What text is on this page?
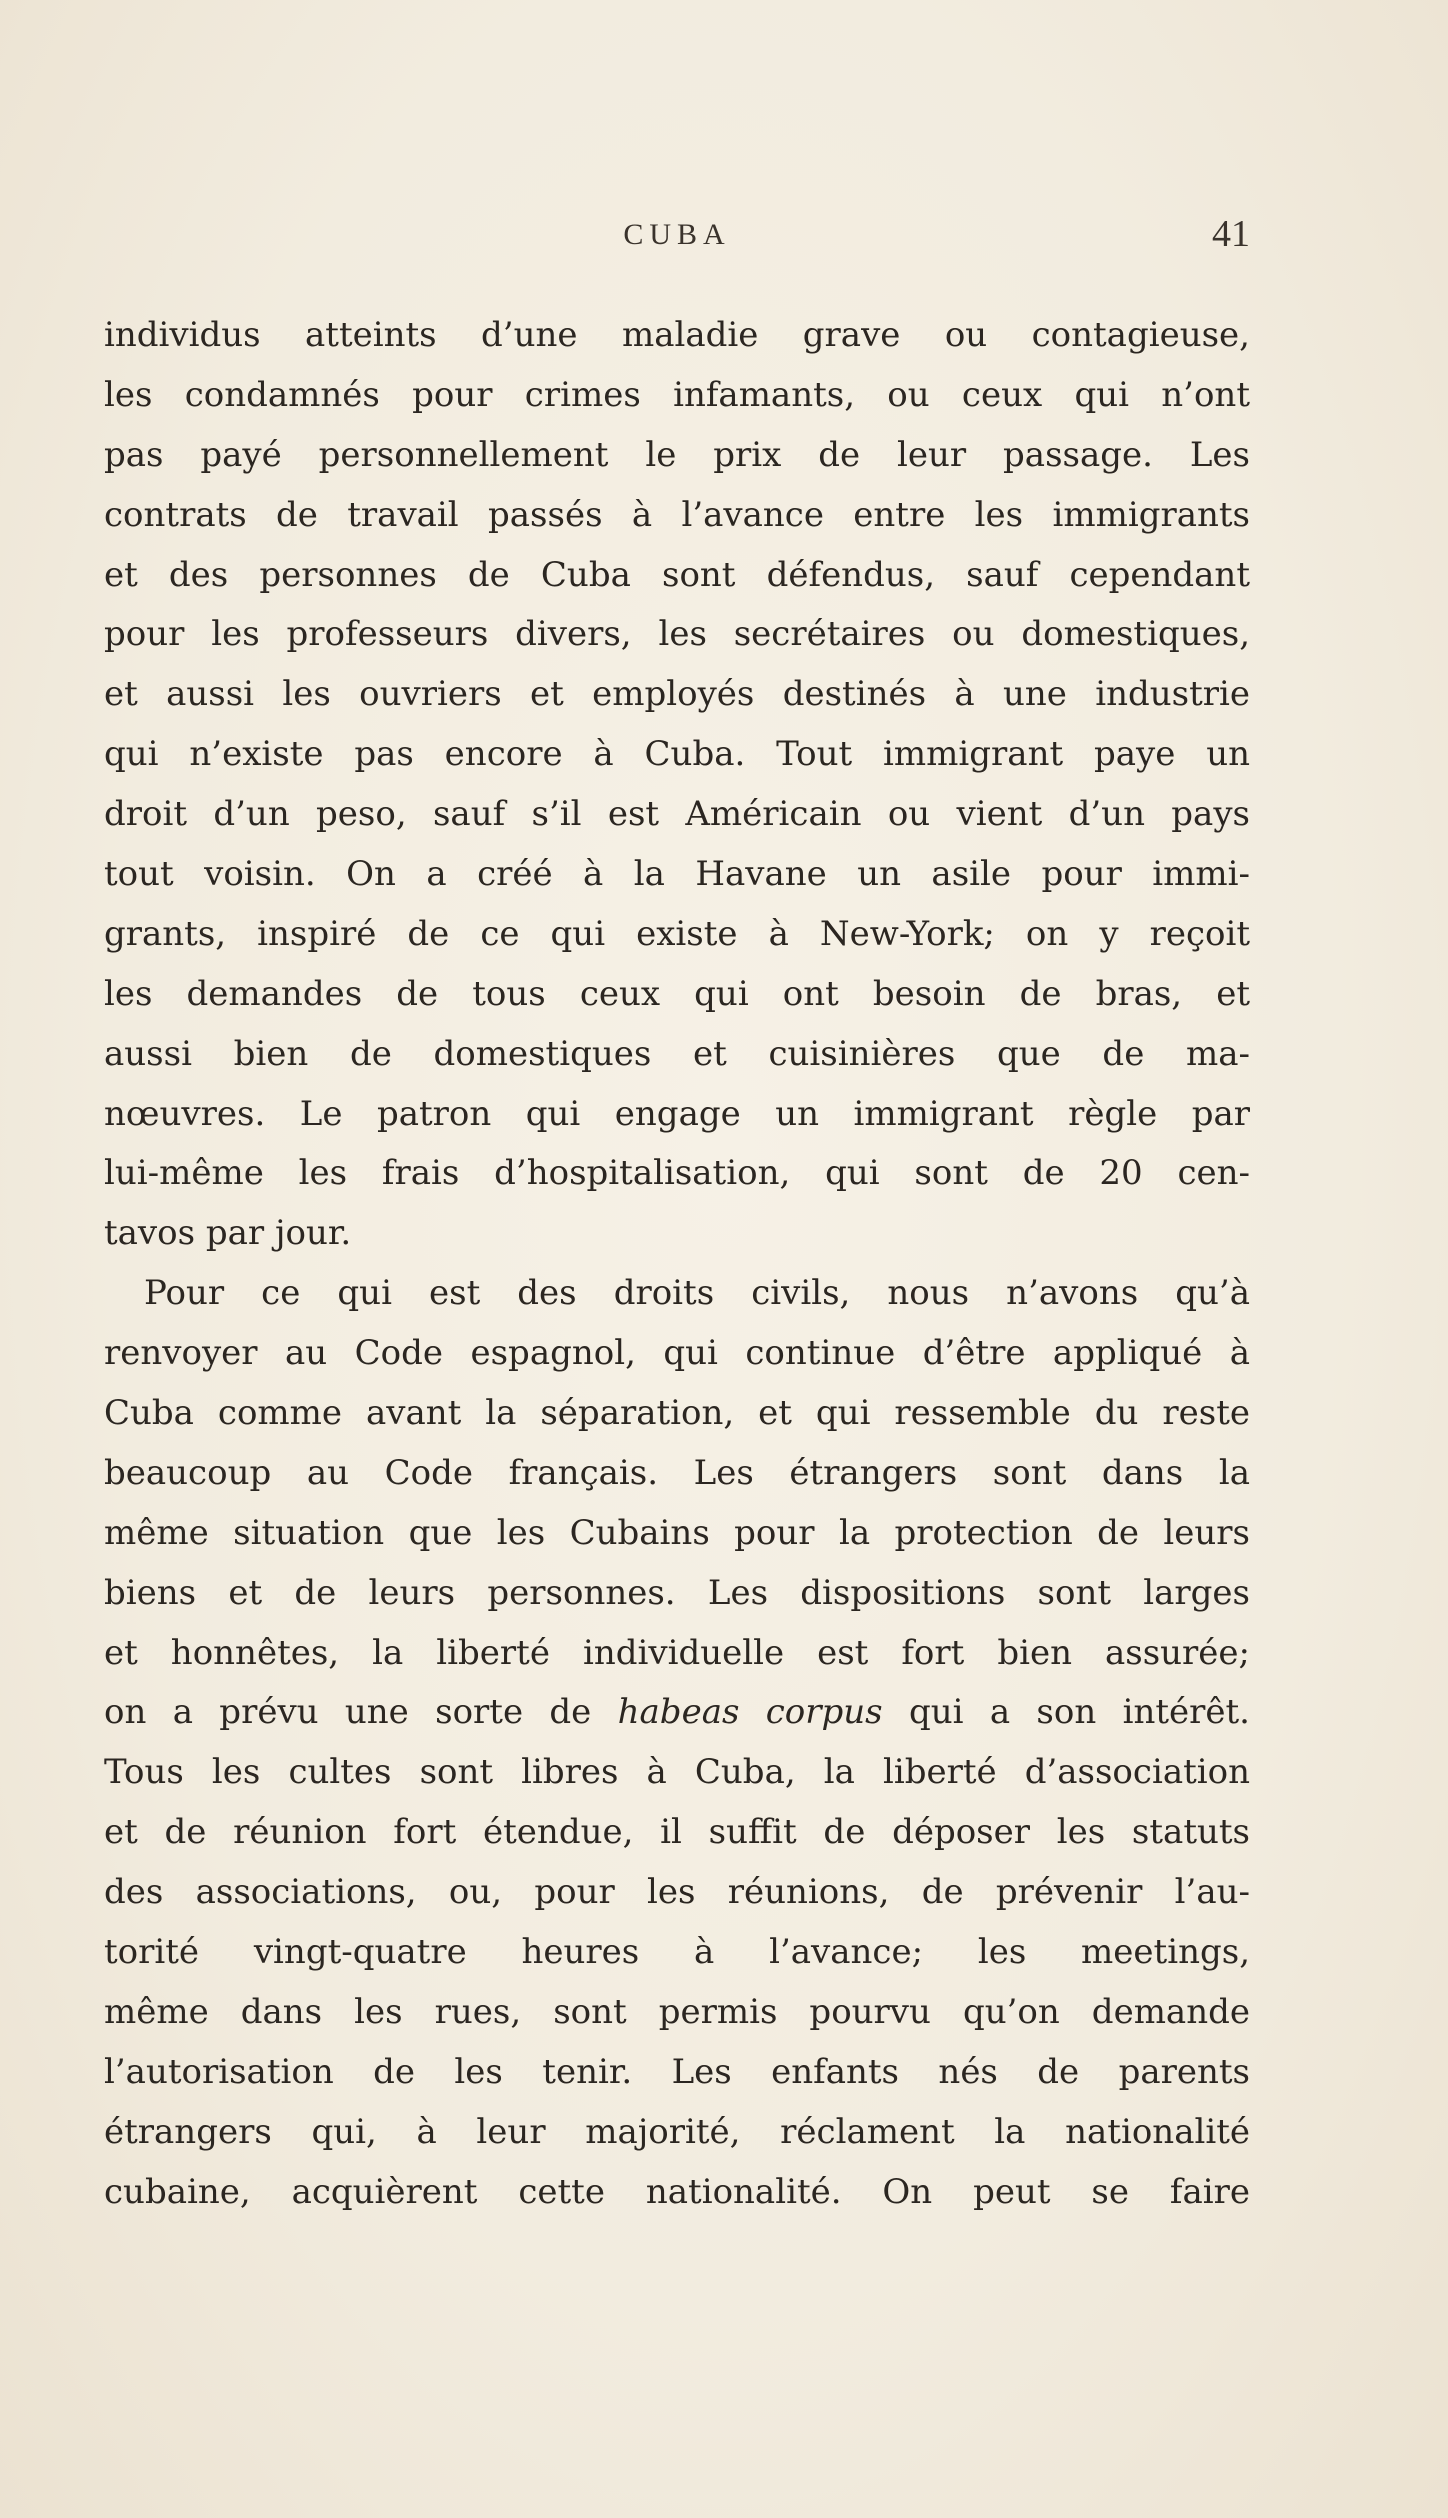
CUBA	41
individus atteints d’une maladie grave ou contagieuse,
les condamnés pour crimes infamants, ou ceux qui n’ont
pas payé personnellement le prix de leur passage. Les
contrats de travail passés à l’avance entre les immigrants
et des personnes de Cuba sont défendus, sauf cependant
pour les professeurs divers, les secrétaires ou domestiques,
et aussi les ouvriers et employés destinés à une industrie
qui n’existe pas encore à Cuba. Tout immigrant paye un
droit d’un peso, sauf s’il est Américain ou vient d’un pays
tout voisin. On a créé à la Havane un asile pour immi-
grants, inspiré de ce qui existe à New-York; on y reçoit
les demandes de tous ceux qui ont besoin de bras, et
aussi bien de domestiques et cuisinières que de ma-
nœuvres. Le patron qui engage un immigrant règle par
lui-même les frais d’hospitalisation, qui sont de 20 cen-
tavos par jour.
Pour ce qui est des droits civils, nous n’avons qu’à
renvoyer au Code espagnol, qui continue d’être appliqué à
Cuba comme avant la séparation, et qui ressemble du reste
beaucoup au Code français. Les étrangers sont dans la
même situation que les Cubains pour la protection de leurs
biens et de leurs personnes. Les dispositions sont larges
et honnêtes, la liberté individuelle est fort bien assurée;
on a prévu une sorte de habeas corpus qui a son intérêt.
Tous les cultes sont libres à Cuba, la liberté d’association
et de réunion fort étendue, il suffit de déposer les statuts
des associations, ou, pour les réunions, de prévenir l’au-
torité vingt-quatre heures à l’avance; les meetings,
même dans les rues, sont permis pourvu qu’on demande
l’autorisation de les tenir. Les enfants nés de parents
étrangers qui, à leur majorité, réclament la nationalité
cubaine, acquièrent cette nationalité. On peut se faire
